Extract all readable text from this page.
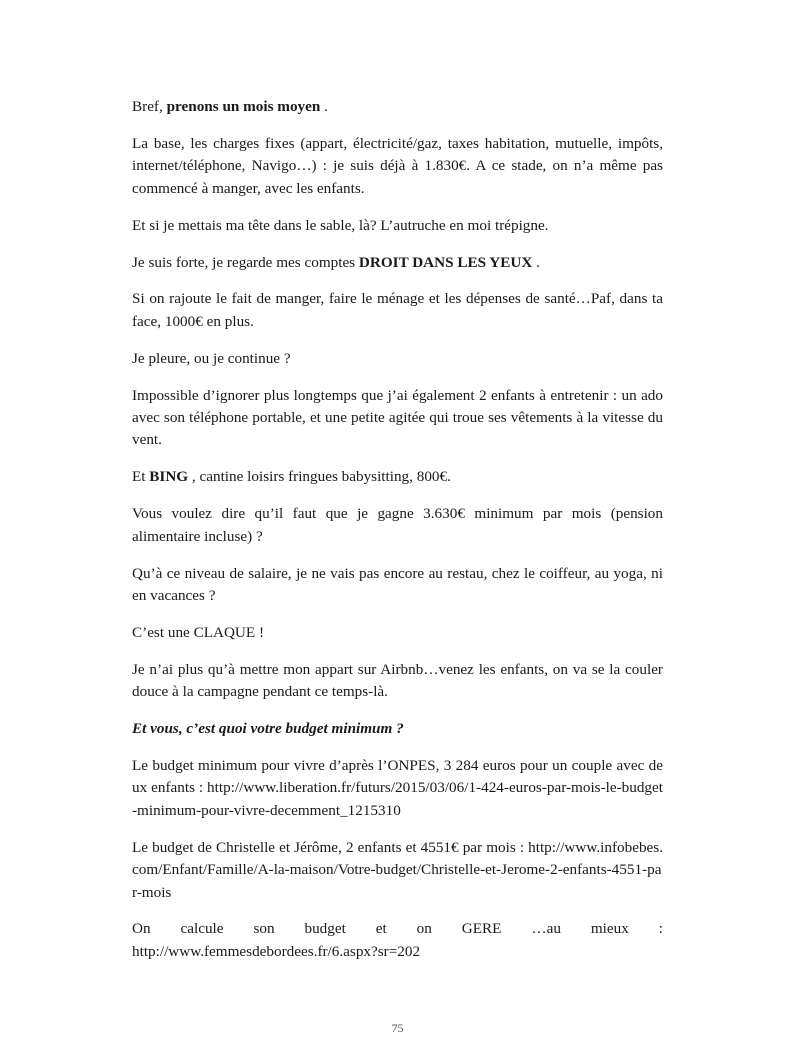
Bref, prenons un mois moyen .

La base, les charges fixes (appart, électricité/gaz, taxes habitation, mutuelle, impôts, internet/téléphone, Navigo…) : je suis déjà à 1.830€. A ce stade, on n’a même pas commencé à manger, avec les enfants.

Et si je mettais ma tête dans le sable, là? L’autruche en moi trépigne.

Je suis forte, je regarde mes comptes DROIT DANS LES YEUX .

Si on rajoute le fait de manger, faire le ménage et les dépenses de santé…Paf, dans ta face, 1000€ en plus.

Je pleure, ou je continue ?

Impossible d’ignorer plus longtemps que j’ai également 2 enfants à entretenir : un ado avec son téléphone portable, et une petite agitée qui troue ses vêtements à la vitesse du vent.

Et BING , cantine loisirs fringues babysitting, 800€.

Vous voulez dire qu’il faut que je gagne 3.630€ minimum par mois (pension alimentaire incluse) ?

Qu’à ce niveau de salaire, je ne vais pas encore au restau, chez le coiffeur, au yoga, ni en vacances ?

C’est une CLAQUE !

Je n’ai plus qu’à mettre mon appart sur Airbnb…venez les enfants, on va se la couler douce à la campagne pendant ce temps-là.

Et vous, c’est quoi votre budget minimum ?

Le budget minimum pour vivre d’après l’ONPES, 3 284 euros pour un couple avec deux enfants : http://www.liberation.fr/futurs/2015/03/06/1-424-euros-par-mois-le-budget-minimum-pour-vivre-decemment_1215310

Le budget de Christelle et Jérôme, 2 enfants et 4551€ par mois : http://www.infobebes.com/Enfant/Famille/A-la-maison/Votre-budget/Christelle-et-Jerome-2-enfants-4551-par-mois

On calcule son budget et on GERE …au mieux :
http://www.femmesdebordees.fr/6.aspx?sr=202

75
